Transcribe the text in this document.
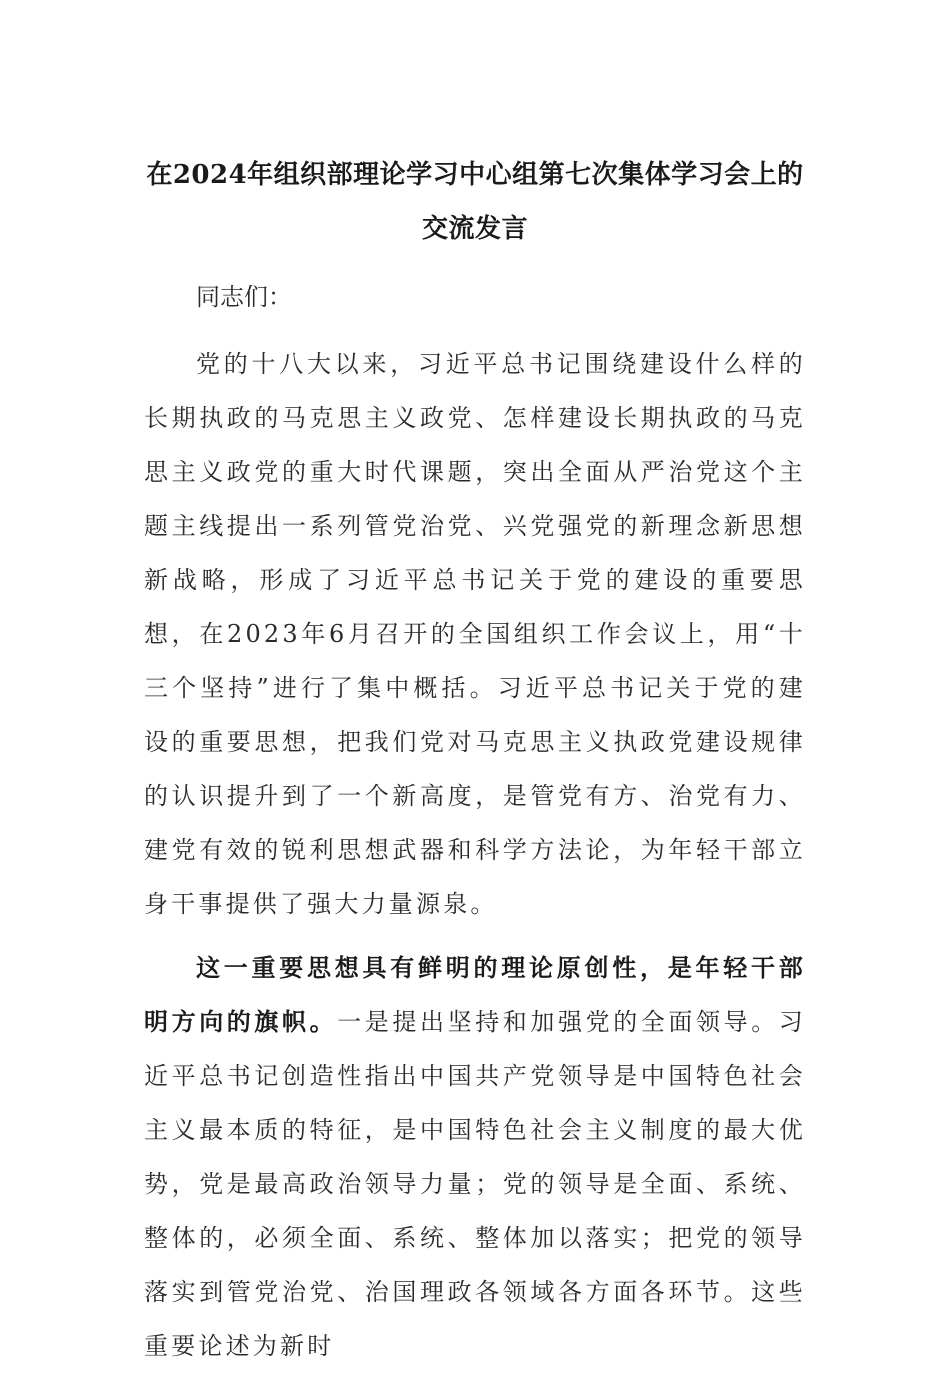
在2024年组织部理论学习中心组第七次集体学习会上的交流发言

同志们：

党的十八大以来，习近平总书记围绕建设什么样的长期执政的马克思主义政党、怎样建设长期执政的马克思主义政党的重大时代课题，突出全面从严治党这个主题主线提出一系列管党治党、兴党强党的新理念新思想新战略，形成了习近平总书记关于党的建设的重要思想，在2023年6月召开的全国组织工作会议上，用“十三个坚持”进行了集中概括。习近平总书记关于党的建设的重要思想，把我们党对马克思主义执政党建设规律的认识提升到了一个新高度，是管党有方、治党有力、建党有效的锐利思想武器和科学方法论，为年轻干部立身干事提供了强大力量源泉。

这一重要思想具有鲜明的理论原创性，是年轻干部明方向的旗帜。一是提出坚持和加强党的全面领导。习近平总书记创造性指出中国共产党领导是中国特色社会主义最本质的特征，是中国特色社会主义制度的最大优势，党是最高政治领导力量；党的领导是全面、系统、整体的，必须全面、系统、整体加以落实；把党的领导落实到管党治党、治国理政各领域各方面各环节。这些重要论述为新时
